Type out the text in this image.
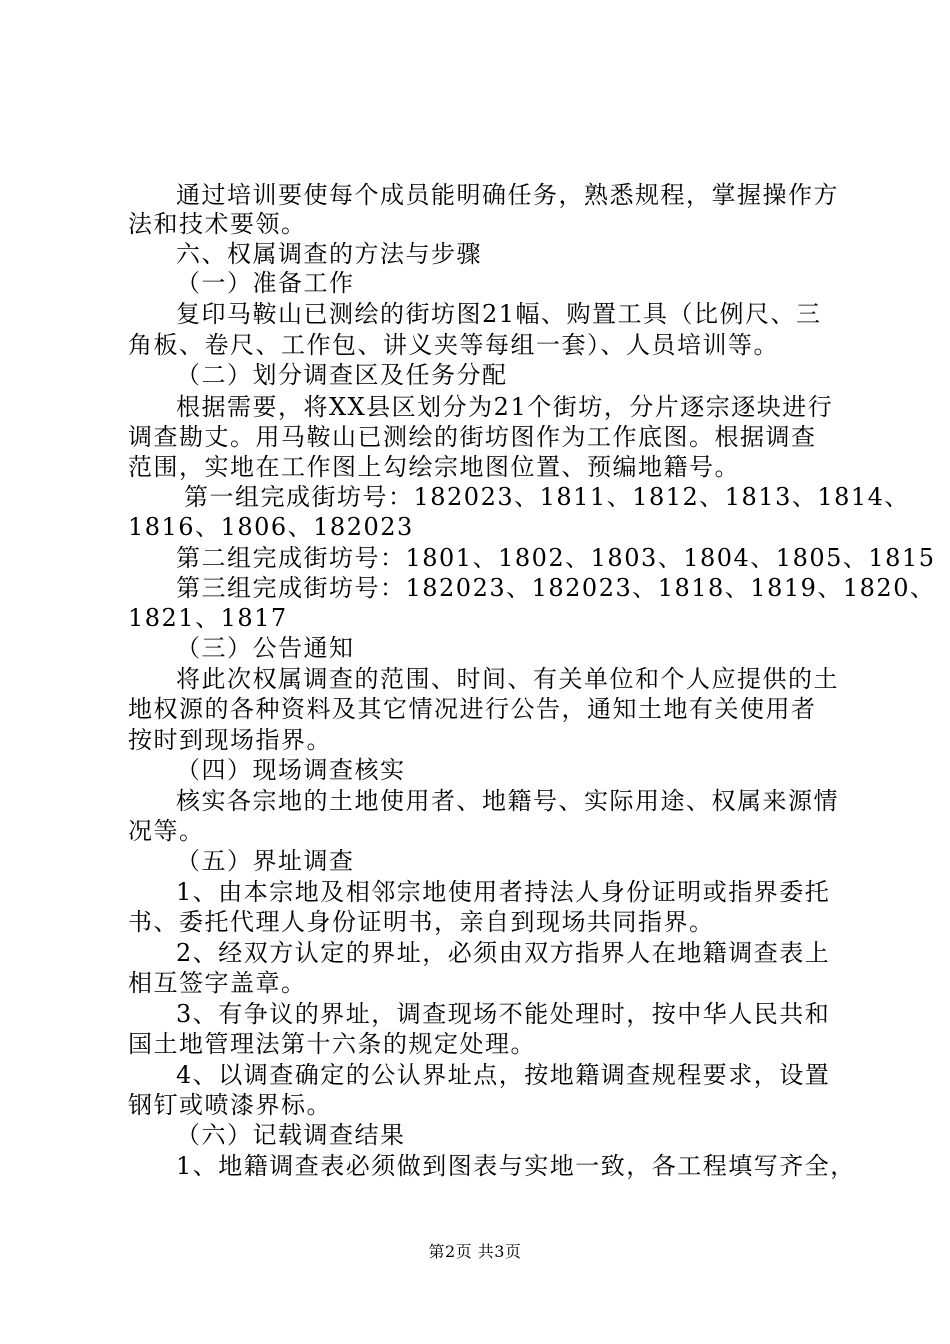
通过培训要使每个成员能明确任务，熟悉规程，掌握操作方
法和技术要领。
六、权属调查的方法与步骤
（一）准备工作
复印马鞍山已测绘的街坊图21幅、购置工具（比例尺、三
角板、卷尺、工作包、讲义夹等每组一套）、人员培训等。
（二）划分调查区及任务分配
根据需要，将XX县区划分为21个街坊，分片逐宗逐块进行
调查勘丈。用马鞍山已测绘的街坊图作为工作底图。根据调查
范围，实地在工作图上勾绘宗地图位置、预编地籍号。
第一组完成街坊号：182023、1811、1812、1813、1814、
1816、1806、182023
第二组完成街坊号：1801、1802、1803、1804、1805、1815
第三组完成街坊号：182023、182023、1818、1819、1820、
1821、1817
（三）公告通知
将此次权属调查的范围、时间、有关单位和个人应提供的土
地权源的各种资料及其它情况进行公告，通知土地有关使用者
按时到现场指界。
（四）现场调查核实
核实各宗地的土地使用者、地籍号、实际用途、权属来源情
况等。
（五）界址调查
1、由本宗地及相邻宗地使用者持法人身份证明或指界委托
书、委托代理人身份证明书，亲自到现场共同指界。
2、经双方认定的界址，必须由双方指界人在地籍调查表上
相互签字盖章。
3、有争议的界址，调查现场不能处理时，按中华人民共和
国土地管理法第十六条的规定处理。
4、以调查确定的公认界址点，按地籍调查规程要求，设置
钢钉或喷漆界标。
（六）记载调查结果
1、地籍调查表必须做到图表与实地一致，各工程填写齐全，
第2页 共3页
